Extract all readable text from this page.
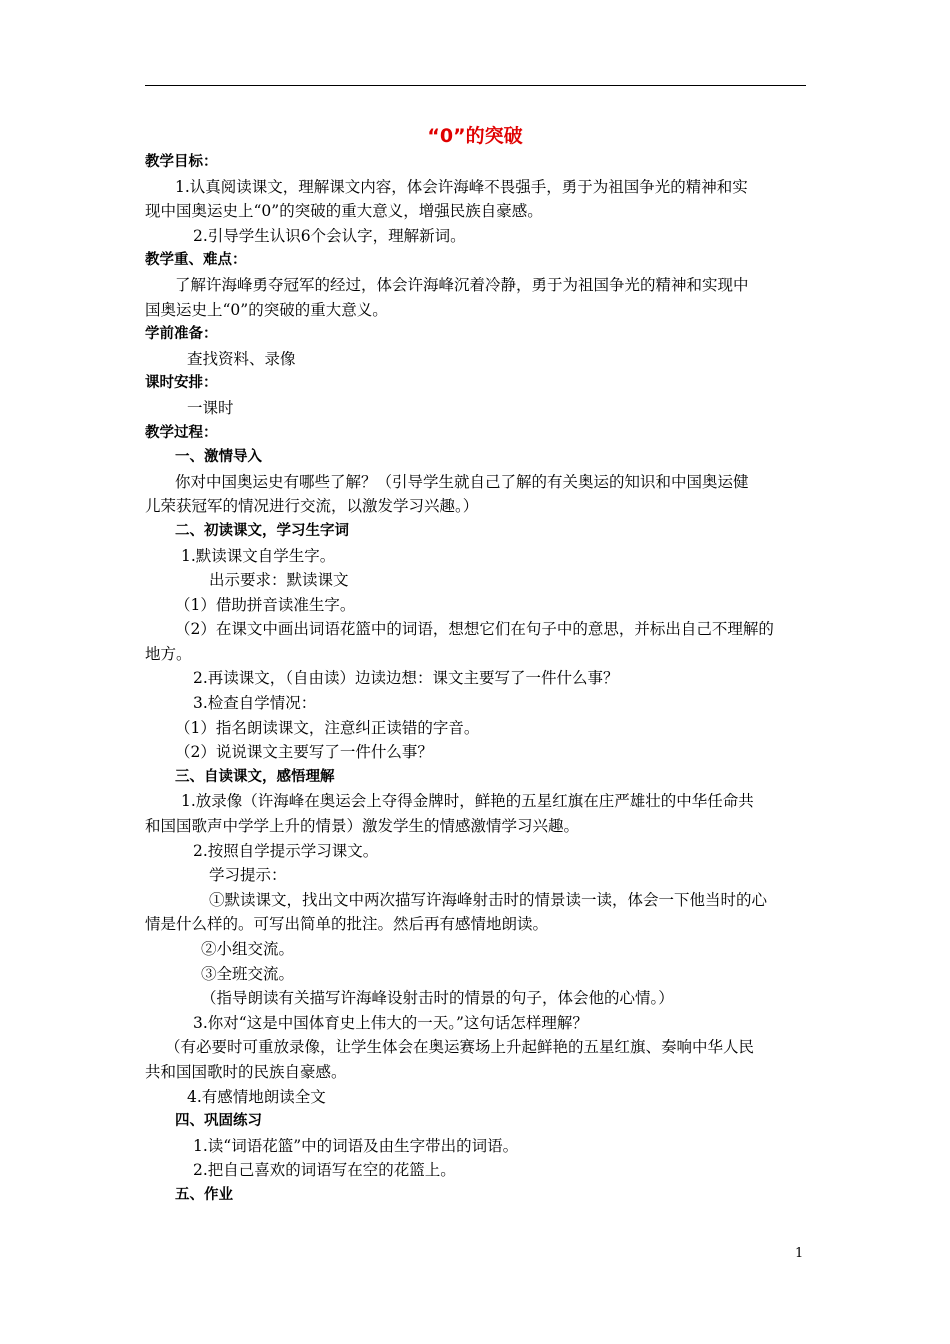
“0”的突破
教学目标：
1.认真阅读课文，理解课文内容，体会许海峰不畏强手，勇于为祖国争光的精神和实
现中国奥运史上“0”的突破的重大意义，增强民族自豪感。
2.引导学生认识6个会认字，理解新词。
教学重、难点：
了解许海峰勇夺冠军的经过，体会许海峰沉着冷静，勇于为祖国争光的精神和实现中
国奥运史上“0”的突破的重大意义。
学前准备：
查找资料、录像
课时安排：
一课时
教学过程：
一、激情导入
你对中国奥运史有哪些了解？（引导学生就自己了解的有关奥运的知识和中国奥运健
儿荣获冠军的情况进行交流，以激发学习兴趣。）
二、初读课文，学习生字词
1.默读课文自学生字。
出示要求：默读课文
（1）借助拼音读准生字。
（2）在课文中画出词语花篮中的词语，想想它们在句子中的意思，并标出自己不理解的
地方。
2.再读课文，（自由读）边读边想：课文主要写了一件什么事？
3.检查自学情况：
（1）指名朗读课文，注意纠正读错的字音。
（2）说说课文主要写了一件什么事？
三、自读课文，感悟理解
1.放录像（许海峰在奥运会上夺得金牌时，鲜艳的五星红旗在庄严雄壮的中华任命共
和国国歌声中学学上升的情景）激发学生的情感激情学习兴趣。
2.按照自学提示学习课文。
学习提示：
①默读课文，找出文中两次描写许海峰射击时的情景读一读，体会一下他当时的心
情是什么样的。可写出简单的批注。然后再有感情地朗读。
②小组交流。
③全班交流。
（指导朗读有关描写许海峰设射击时的情景的句子，体会他的心情。）
3.你对“这是中国体育史上伟大的一天。”这句话怎样理解？
（有必要时可重放录像，让学生体会在奥运赛场上升起鲜艳的五星红旗、奏响中华人民
共和国国歌时的民族自豪感。
4.有感情地朗读全文
四、巩固练习
1.读“词语花篮”中的词语及由生字带出的词语。
2.把自己喜欢的词语写在空的花篮上。
五、作业
1
